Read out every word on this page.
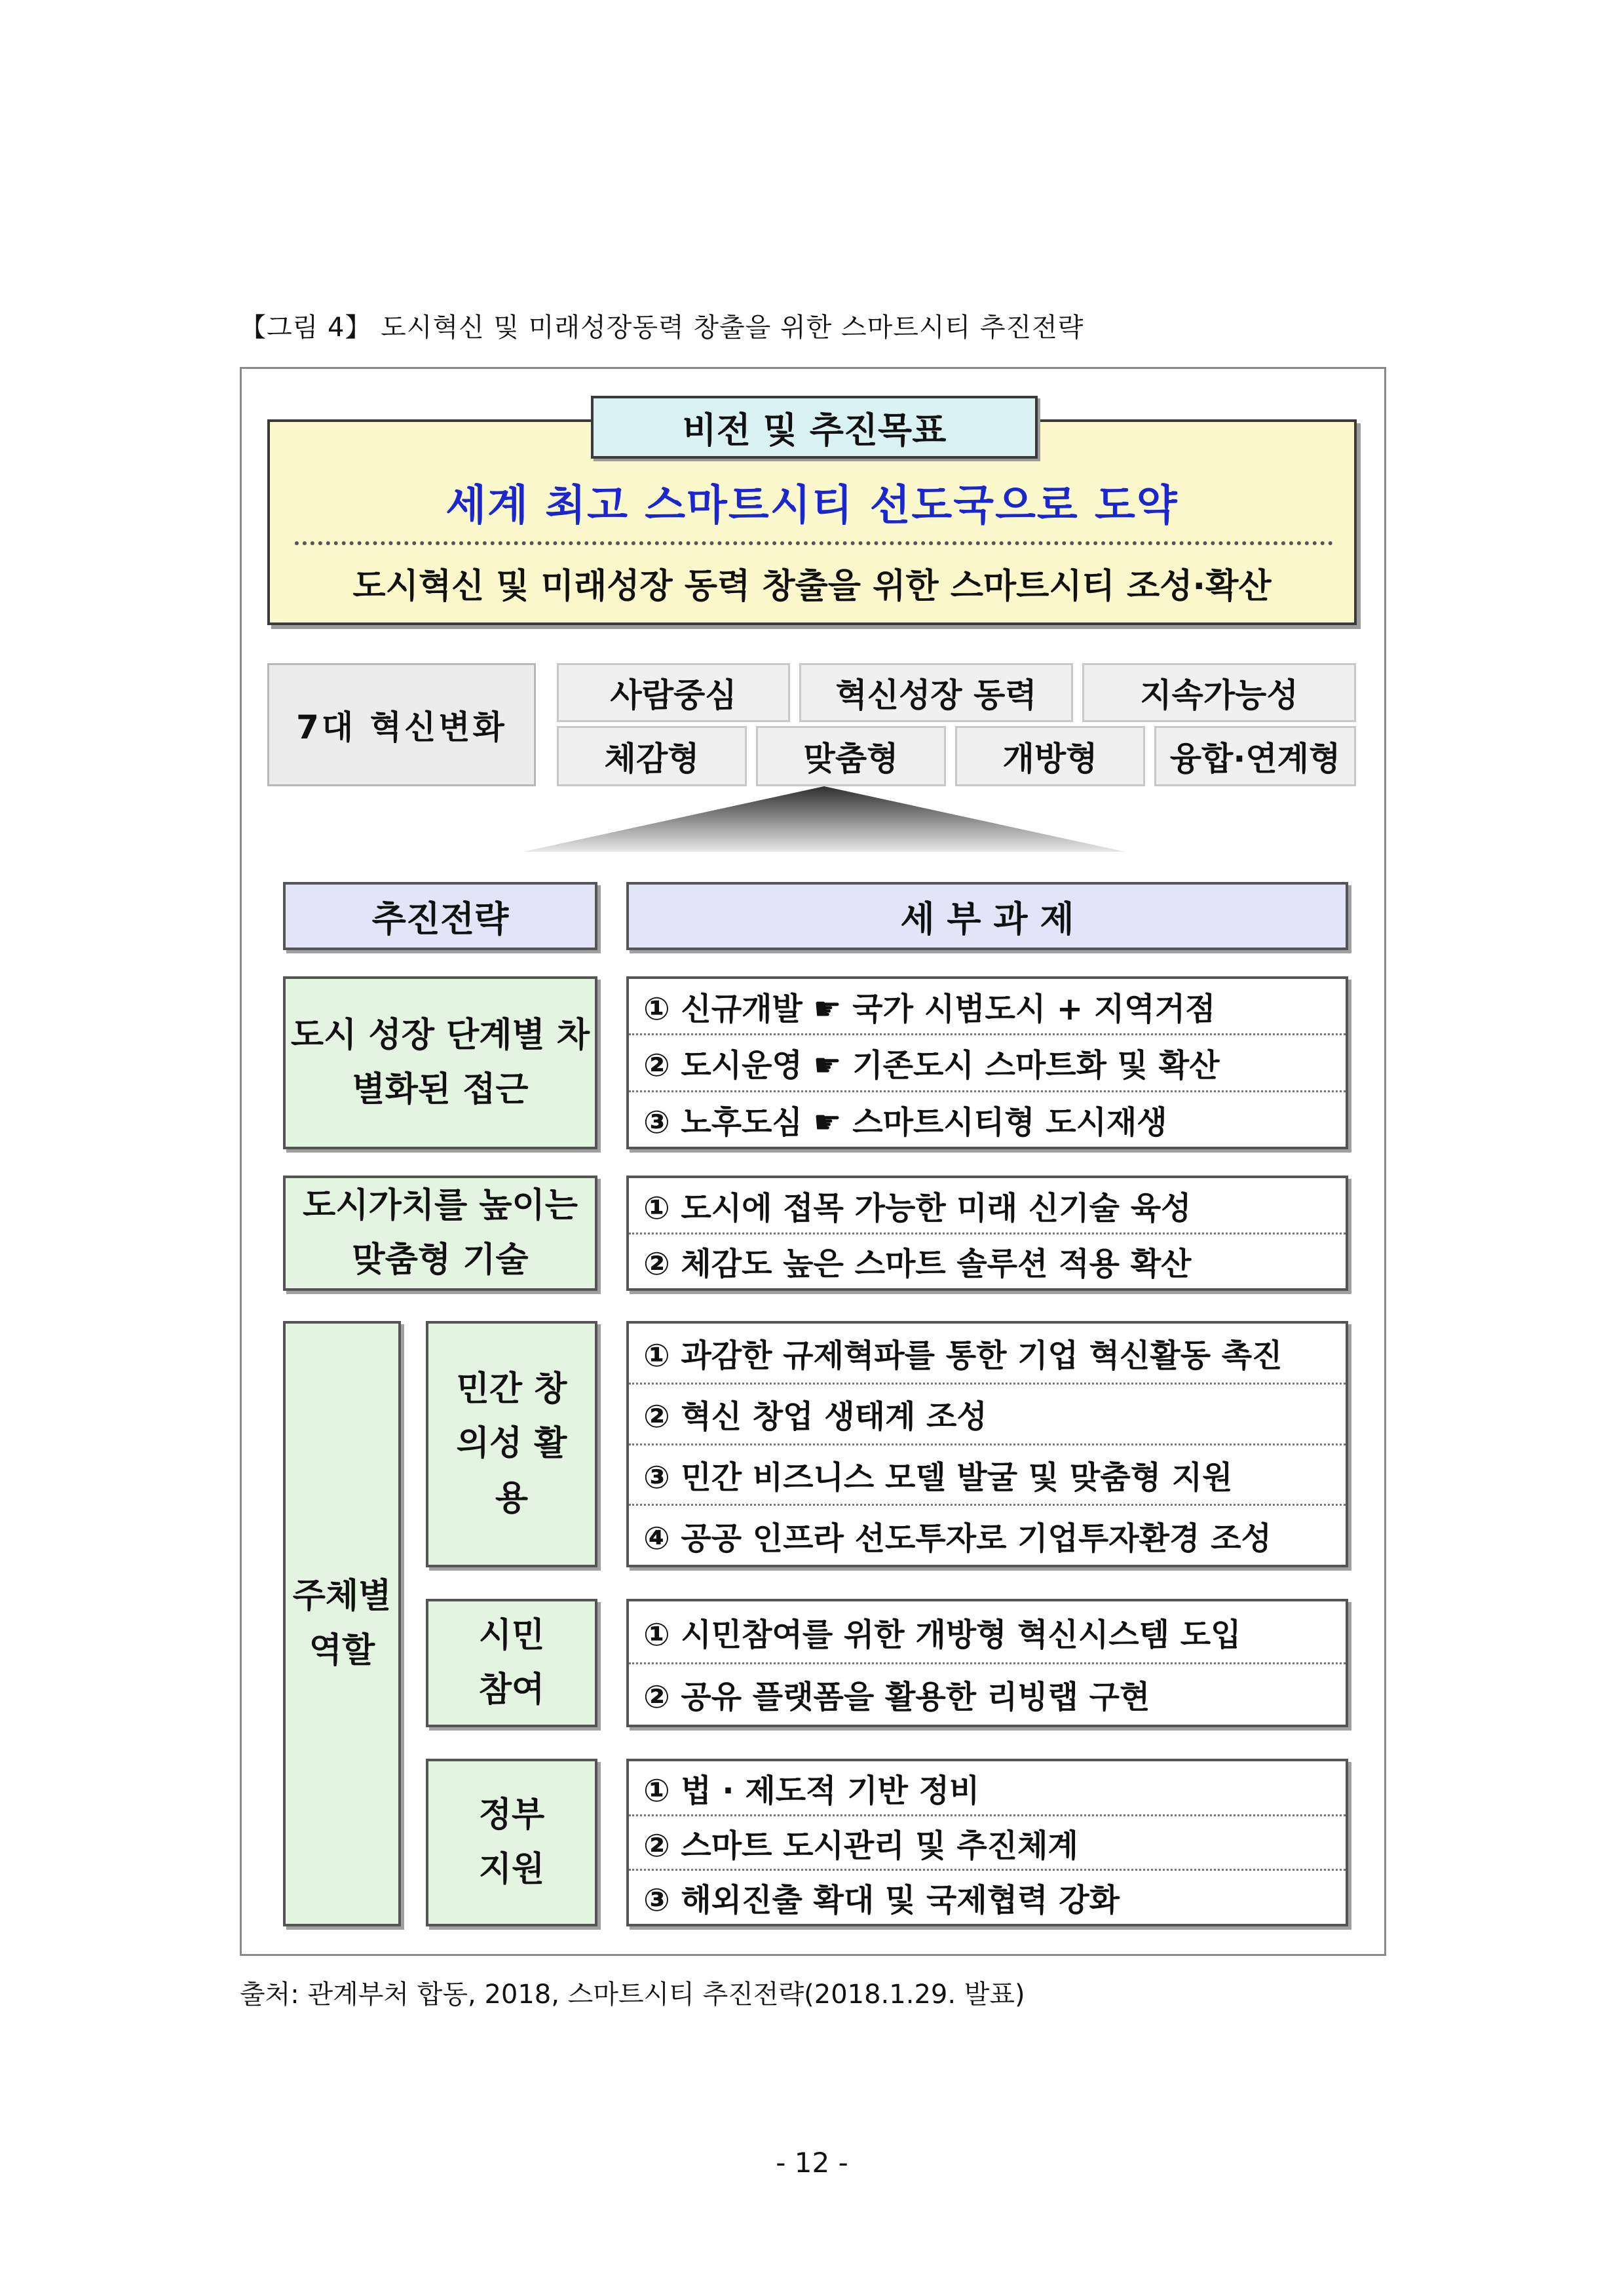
【그림 4】 도시혁신 및 미래성장동력 창출을 위한 스마트시티 추진전략
비전 및 추진목표
세계 최고 스마트시티 선도국으로 도약
도시혁신 및 미래성장 동력 창출을 위한 스마트시티 조성·확산
7대 혁신변화
사람중심	혁신성장 동력	지속가능성
체감형	맞춤형	개방형	융합·연계형
추진전략	세 부 과 제
도시 성장 단계별 차별화된 접근
① 신규개발 ☛ 국가 시범도시 + 지역거점
② 도시운영 ☛ 기존도시 스마트화 및 확산
③ 노후도심 ☛ 스마트시티형 도시재생
도시가치를 높이는 맞춤형 기술
① 도시에 접목 가능한 미래 신기술 육성
② 체감도 높은 스마트 솔루션 적용 확산
주체별 역할
민간 창의성 활용
① 과감한 규제혁파를 통한 기업 혁신활동 촉진
② 혁신 창업 생태계 조성
③ 민간 비즈니스 모델 발굴 및 맞춤형 지원
④ 공공 인프라 선도투자로 기업투자환경 조성
시민 참여
① 시민참여를 위한 개방형 혁신시스템 도입
② 공유 플랫폼을 활용한 리빙랩 구현
정부 지원
① 법 · 제도적 기반 정비
② 스마트 도시관리 및 추진체계
③ 해외진출 확대 및 국제협력 강화
출처: 관계부처 합동, 2018, 스마트시티 추진전략(2018.1.29. 발표)
- 12 -
